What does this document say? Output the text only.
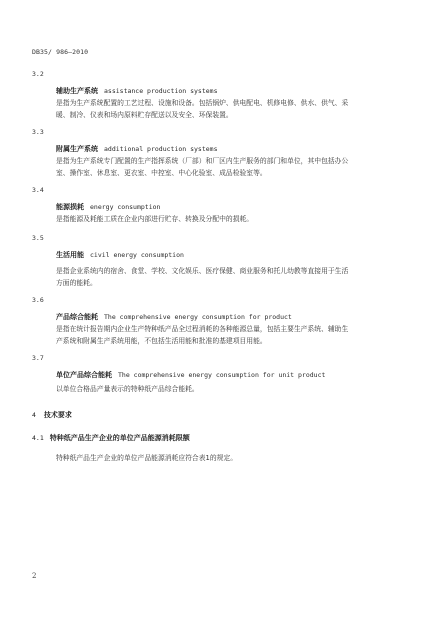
DB35/ 986—2010
3.2
辅助生产系统 assistance production systems
是指为生产系统配置的工艺过程、设施和设备。包括锅炉、供电配电、机修电修、供水、供气、采
暖、制冷、仪表和场内原料贮存配送以及安全、环保装置。
3.3
附属生产系统 additional production systems
是指为生产系统专门配置的生产指挥系统（厂部）和厂区内生产服务的部门和单位，其中包括办公
室、操作室、休息室、更衣室、中控室、中心化验室、成品检验室等。
3.4
能源损耗 energy consumption
是指能源及耗能工质在企业内部进行贮存、转换及分配中的损耗。
3.5
生活用能 civil energy consumption
是指企业系统内的宿舍、食堂、学校、文化娱乐、医疗保健、商业服务和托儿幼教等直接用于生活
方面的能耗。
3.6
产品综合能耗 The comprehensive energy consumption for product
是指在统计报告期内企业生产特种纸产品全过程消耗的各种能源总量，包括主要生产系统、辅助生
产系统和附属生产系统用能，不包括生活用能和批准的基建项目用能。
3.7
单位产品综合能耗 The comprehensive energy consumption for unit product
以单位合格品产量表示的特种纸产品综合能耗。
4 技术要求
4.1 特种纸产品生产企业的单位产品能源消耗限额
特种纸产品生产企业的单位产品能源消耗应符合表1的规定。
2
